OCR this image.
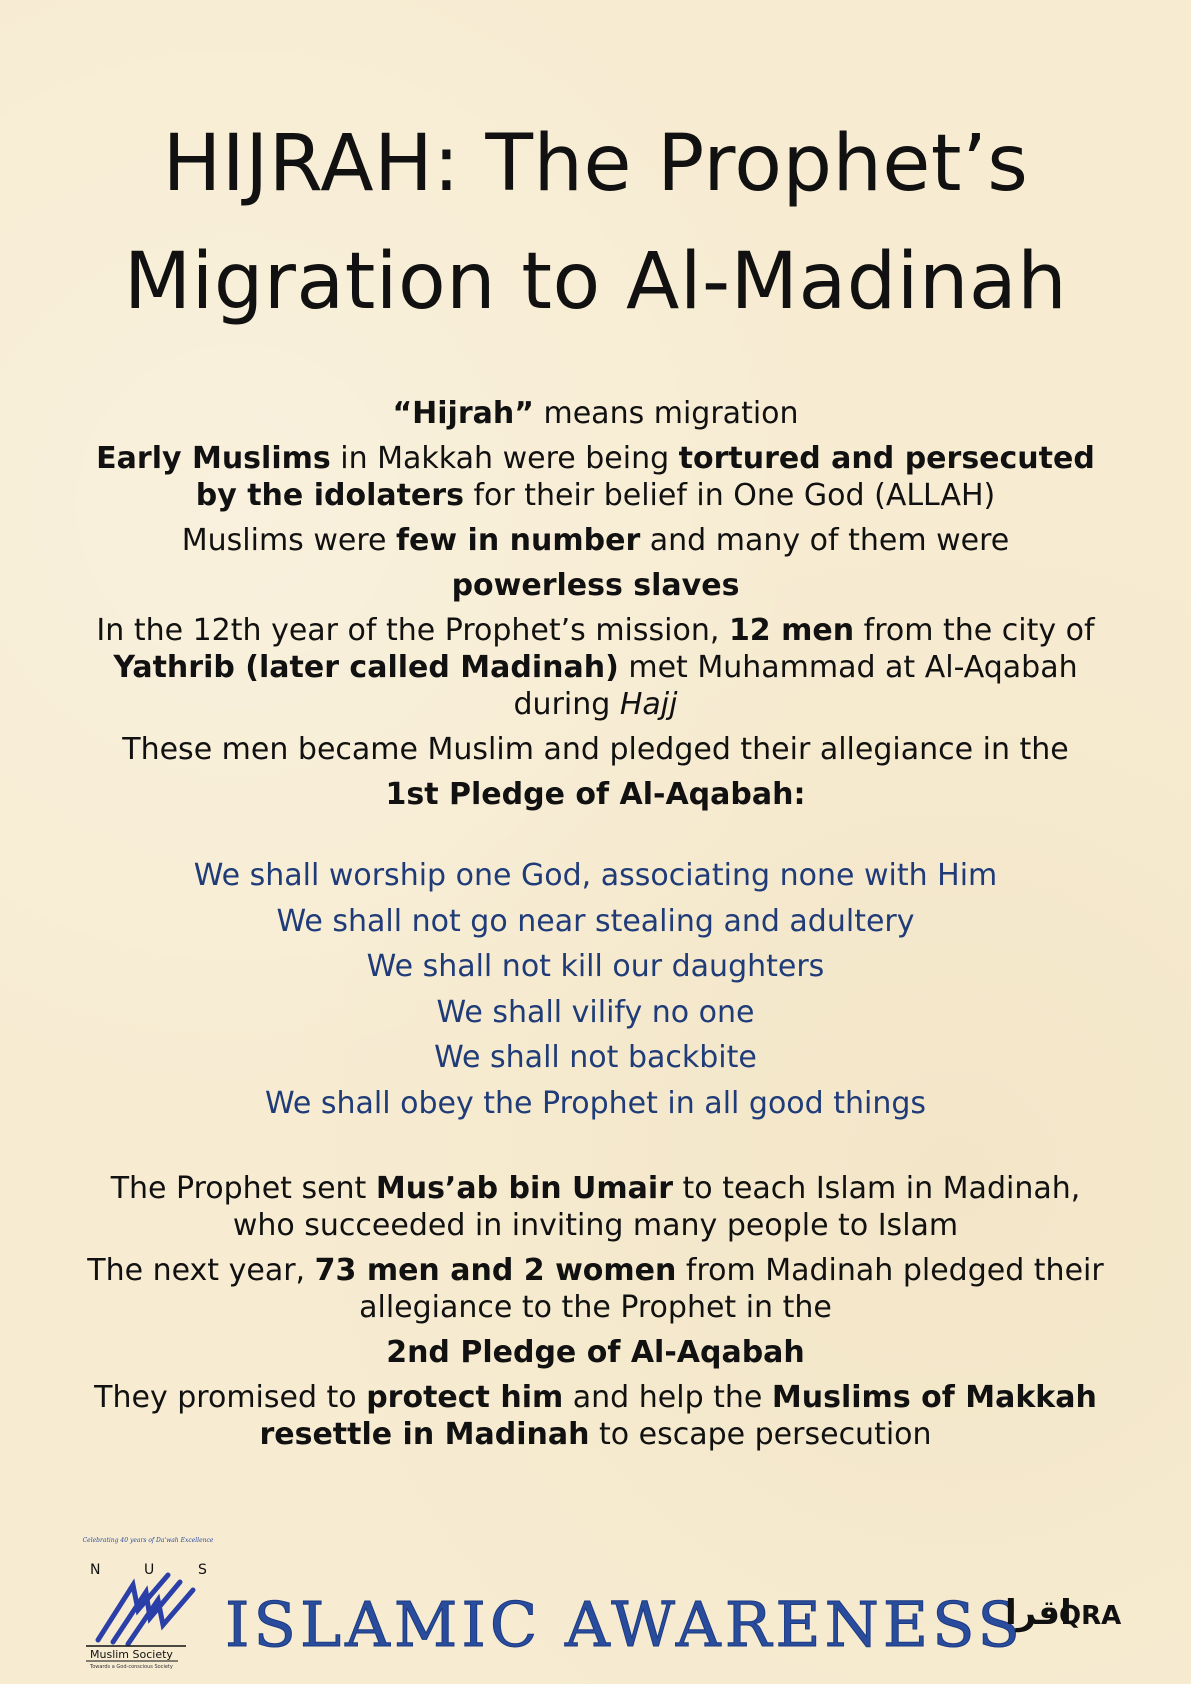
HIJRAH: The Prophet’s
Migration to Al-Madinah

“Hijrah” means migration

Early Muslims in Makkah were being tortured and persecuted by the idolaters for their belief in One God (ALLAH)

Muslims were few in number and many of them were
powerless slaves

In the 12th year of the Prophet’s mission, 12 men from the city of Yathrib (later called Madinah) met Muhammad at Al-Aqabah during Hajj

These men became Muslim and pledged their allegiance in the
1st Pledge of Al-Aqabah:

We shall worship one God, associating none with Him
We shall not go near stealing and adultery
We shall not kill our daughters
We shall vilify no one
We shall not backbite
We shall obey the Prophet in all good things

The Prophet sent Mus’ab bin Umair to teach Islam in Madinah, who succeeded in inviting many people to Islam

The next year, 73 men and 2 women from Madinah pledged their allegiance to the Prophet in the
2nd Pledge of Al-Aqabah

They promised to protect him and help the Muslims of Makkah resettle in Madinah to escape persecution

Celebrating 40 years of Da'wah Excellence
N	U	S
Muslim Society
Towards a God-conscious Society
ISLAMIC AWARENESS
اقرا
QRA
